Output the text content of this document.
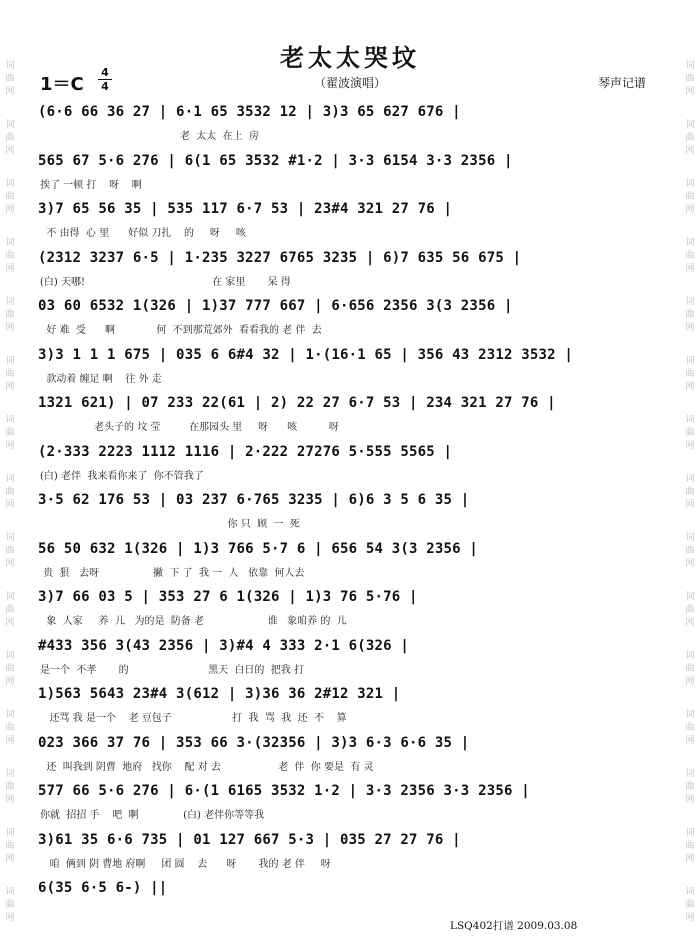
词
曲
网
词
曲
网
词
曲
网
词
曲
网
词
曲
网
词
曲
网
词
曲
网
词
曲
网
词
曲
网
词
曲
网
词
曲
网
词
曲
网
词
曲
网
词
曲
网
词
曲
网
词
曲
网
词
曲
网
词
曲
网
词
曲
网
词
曲
网
词
曲
网
词
曲
网
词
曲
网
词
曲
网
词
曲
网
词
曲
网
词
曲
网
词
曲
网
词
曲
网
词
曲
网
老太太哭坟
1＝C
4
4	（翟波演唱）	琴声记谱
(6·6 66 36 27 | 6·1 65 3532 12 | 3)3 65 627 676 |
老  太太  在上  房
565 67 5·6 276 | 6(1 65 3532 #1·2 | 3·3 6154 3·3 2356 |
挨了 一顿 打    呀    啊
3)7 65 56 35 | 535 117 6·7 53 | 23#4 321 27 76 |
不 由得  心 里      好似 刀扎    的     呀     咳
(2312 3237 6·5 | 1·235 3227 6765 3235 | 6)7 635 56 675 |
(白) 天哪!                                        在 家里       呆 得
03 60 6532 1(326 | 1)37 777 667 | 6·656 2356 3(3 2356 |
好 难  受      啊             何  不到那荒郊外  看看我的 老 伴  去
3)3 1 1 1 675 | 035 6 6#4 32 | 1·(16·1 65 | 356 43 2312 3532 |
款动着 缠足 啊    往 外 走
1321 621) | 07 233 22(61 | 2) 22 27 6·7 53 | 234 321 27 76 |
老头子的 坟 莹         在那园头 里     呀      咳          呀
(2·333 2223 1112 1116 | 2·222 27276 5·555 5565 |
(白) 老伴  我来看你来了  你不管我了
3·5 62 176 53 | 03 237 6·765 3235 | 6)6 3 5 6 35 |
你 只  顾  一  死
56 50 632 1(326 | 1)3 766 5·7 6 | 656 54 3(3 2356 |
贵  狠   去呀                 撇  下 了  我 一  人   依靠  何人去
3)7 66 03 5 | 353 27 6 1(326 | 1)3 76 5·76 |
象  人家     养  儿   为的是  防备 老                    谁   象咱养 的  儿
#433 356 3(43 2356 | 3)#4 4 333 2·1 6(326 |
是一个  不孝       的                         黑天  白日的  把我 打
1)563 5643 23#4 3(612 | 3)36 36 2#12 321 |
还骂 我 是一个    老 豆包子                   打  我  骂  我  还  不    算
023 366 37 76 | 353 66 3·(32356 | 3)3 6·3 6·6 35 |
还  叫我到 阴曹  地府   找你    配 对 去                  老  伴  你 要是  有 灵
577 66 5·6 276 | 6·(1 6165 3532 1·2 | 3·3 2356 3·3 2356 |
你就  招招 手    吧  啊              (白) 老伴你等等我
3)61 35 6·6 735 | 01 127 667 5·3 | 035 27 27 76 |
咱  俩到 阴 曹地 府啊     团 圆    去      呀       我的 老 伴     呀
6(35 6·5 6-) ||
LSQ402打谱 2009.03.08
